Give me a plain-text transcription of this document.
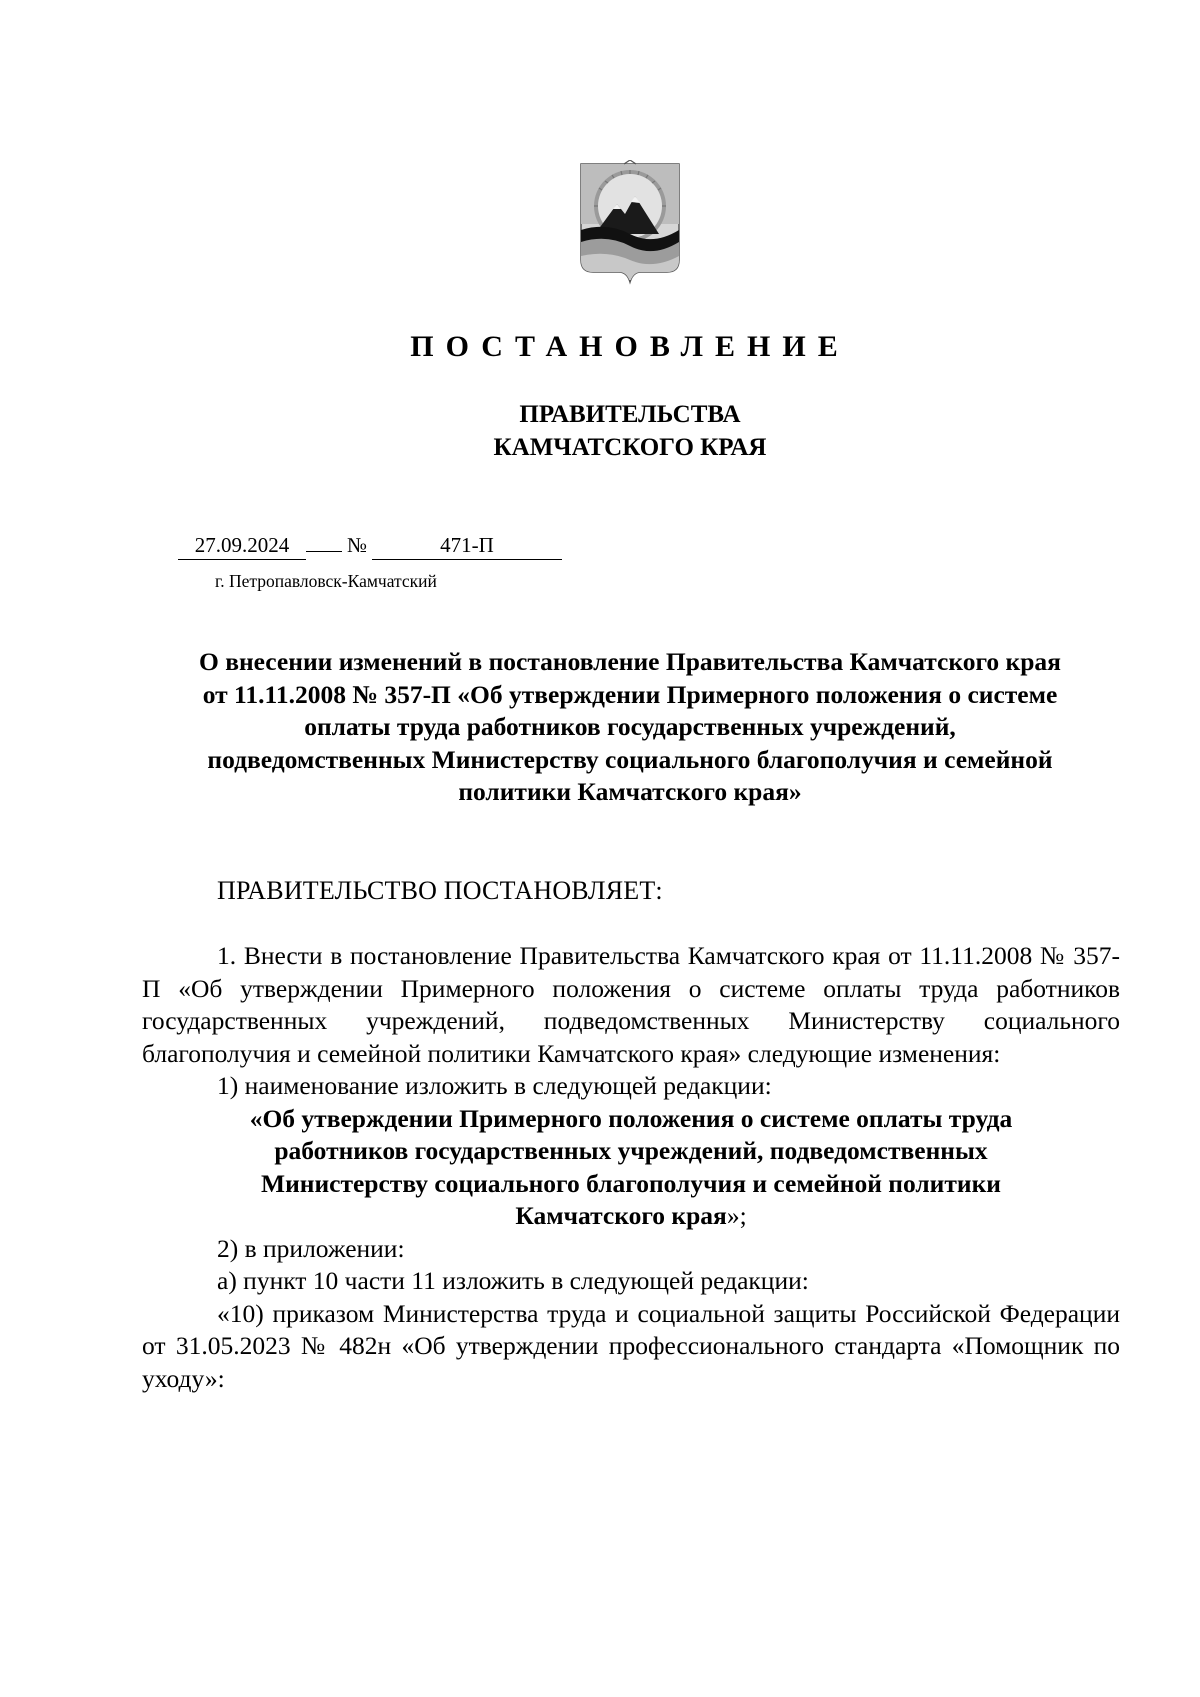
ПОСТАНОВЛЕНИЕ
ПРАВИТЕЛЬСТВА
КАМЧАТСКОГО КРАЯ
27.09.2024	№	471-П
г. Петропавловск-Камчатский
О внесении изменений в постановление Правительства Камчатского края
от 11.11.2008 № 357-П «Об утверждении Примерного положения о системе
оплаты труда работников государственных учреждений,
подведомственных Министерству социального благополучия и семейной
политики Камчатского края»
ПРАВИТЕЛЬСТВО ПОСТАНОВЛЯЕТ:

1. Внести в постановление Правительства Камчатского края от 11.11.2008 № 357-П «Об утверждении Примерного положения о системе оплаты труда работников государственных учреждений, подведомственных Министерству социального благополучия и семейной политики Камчатского края» следующие изменения:

1) наименование изложить в следующей редакции:

«Об утверждении Примерного положения о системе оплаты труда
работников государственных учреждений, подведомственных
Министерству социального благополучия и семейной политики
Камчатского края»;

2) в приложении:

а) пункт 10 части 11 изложить в следующей редакции:

«10) приказом Министерства труда и социальной защиты Российской Федерации от 31.05.2023 № 482н «Об утверждении профессионального стандарта «Помощник по уходу»:
